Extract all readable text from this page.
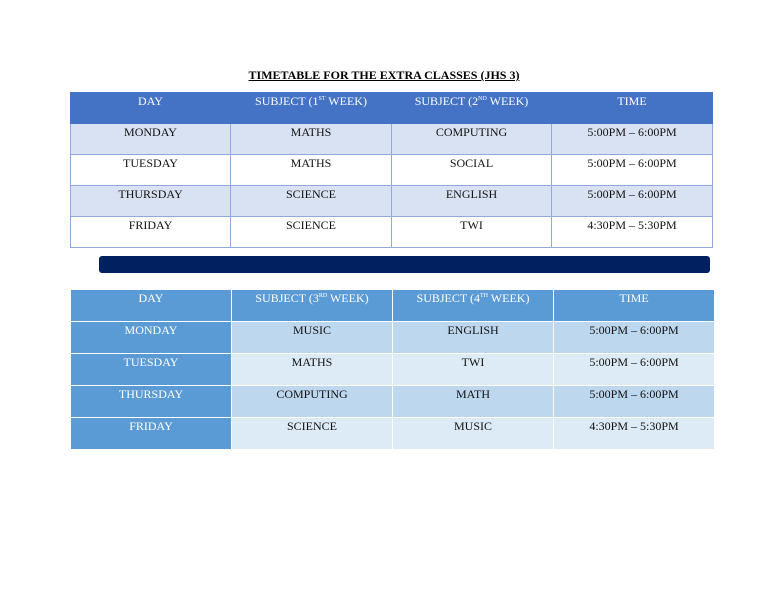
TIMETABLE FOR THE EXTRA CLASSES (JHS 3)
DAY	SUBJECT (1ST WEEK)	SUBJECT (2ND WEEK)	TIME
MONDAY	MATHS	COMPUTING	5:00PM – 6:00PM
TUESDAY	MATHS	SOCIAL	5:00PM – 6:00PM
THURSDAY	SCIENCE	ENGLISH	5:00PM – 6:00PM
FRIDAY	SCIENCE	TWI	4:30PM – 5:30PM
DAY	SUBJECT (3RD WEEK)	SUBJECT (4TH WEEK)	TIME
MONDAY	MUSIC	ENGLISH	5:00PM – 6:00PM
TUESDAY	MATHS	TWI	5:00PM – 6:00PM
THURSDAY	COMPUTING	MATH	5:00PM – 6:00PM
FRIDAY	SCIENCE	MUSIC	4:30PM – 5:30PM
